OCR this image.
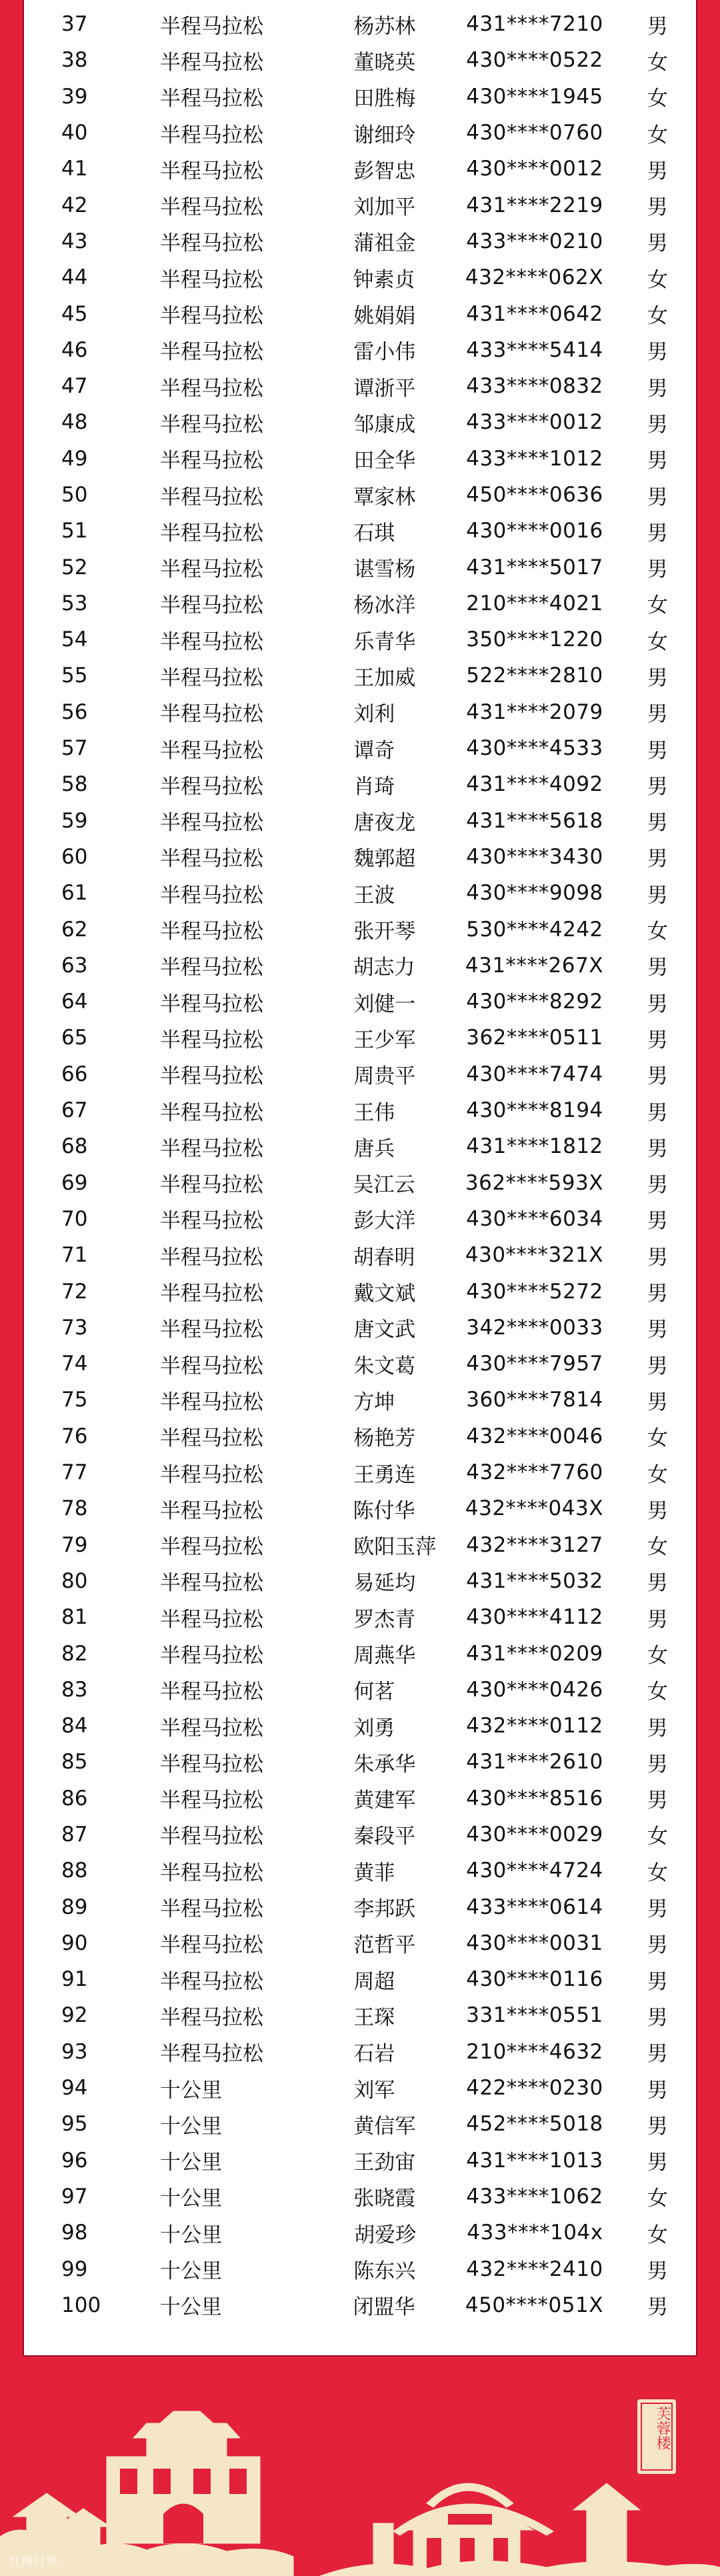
37	半程马拉松	杨苏林	431****7210 男
38	半程马拉松	董晓英	430****0522 女
39	半程马拉松	田胜梅	430****1945 女
40	半程马拉松	谢细玲	430****0760 女
41	半程马拉松	彭智忠	430****0012 男
42	半程马拉松	刘加平	431****2219 男
43	半程马拉松	蒲祖金	433****0210 男
44	半程马拉松	钟素贞	432****062X 女
45	半程马拉松	姚娟娟	431****0642 女
46	半程马拉松	雷小伟	433****5414 男
47	半程马拉松	谭浙平	433****0832 男
48	半程马拉松	邹康成	433****0012 男
49	半程马拉松	田全华	433****1012 男
50	半程马拉松	覃家林	450****0636 男
51	半程马拉松	石琪	430****0016 男
52	半程马拉松	谌雪杨	431****5017 男
53	半程马拉松	杨冰洋	210****4021 女
54	半程马拉松	乐青华	350****1220 女
55	半程马拉松	王加威	522****2810 男
56	半程马拉松	刘利	431****2079 男
57	半程马拉松	谭奇	430****4533 男
58	半程马拉松	肖琦	431****4092 男
59	半程马拉松	唐夜龙	431****5618 男
60	半程马拉松	魏郭超	430****3430 男
61	半程马拉松	王波	430****9098 男
62	半程马拉松	张开琴	530****4242 女
63	半程马拉松	胡志力	431****267X 男
64	半程马拉松	刘健一	430****8292 男
65	半程马拉松	王少军	362****0511 男
66	半程马拉松	周贵平	430****7474 男
67	半程马拉松	王伟	430****8194 男
68	半程马拉松	唐兵	431****1812 男
69	半程马拉松	吴江云	362****593X 男
70	半程马拉松	彭大洋	430****6034 男
71	半程马拉松	胡春明	430****321X 男
72	半程马拉松	戴文斌	430****5272 男
73	半程马拉松	唐文武	342****0033 男
74	半程马拉松	朱文葛	430****7957 男
75	半程马拉松	方坤	360****7814 男
76	半程马拉松	杨艳芳	432****0046 女
77	半程马拉松	王勇连	432****7760 女
78	半程马拉松	陈付华	432****043X 男
79	半程马拉松	欧阳玉萍	432****3127 女
80	半程马拉松	易延均	431****5032 男
81	半程马拉松	罗杰青	430****4112 男
82	半程马拉松	周燕华	431****0209 女
83	半程马拉松	何茗	430****0426 女
84	半程马拉松	刘勇	432****0112 男
85	半程马拉松	朱承华	431****2610 男
86	半程马拉松	黄建军	430****8516 男
87	半程马拉松	秦段平	430****0029 女
88	半程马拉松	黄菲	430****4724 女
89	半程马拉松	李邦跃	433****0614 男
90	半程马拉松	范哲平	430****0031 男
91	半程马拉松	周超	430****0116 男
92	半程马拉松	王琛	331****0551 男
93	半程马拉松	石岩	210****4632 男
94	十公里	刘军	422****0230 男
95	十公里	黄信军	452****5018 男
96	十公里	王劲宙	431****1013 男
97	十公里	张晓霞	433****1062 女
98	十公里	胡爱珍	433****104x 女
99	十公里	陈东兴	432****2410 男
100	十公里	闭盟华	450****051X 男
芙蓉楼
红网时刻
